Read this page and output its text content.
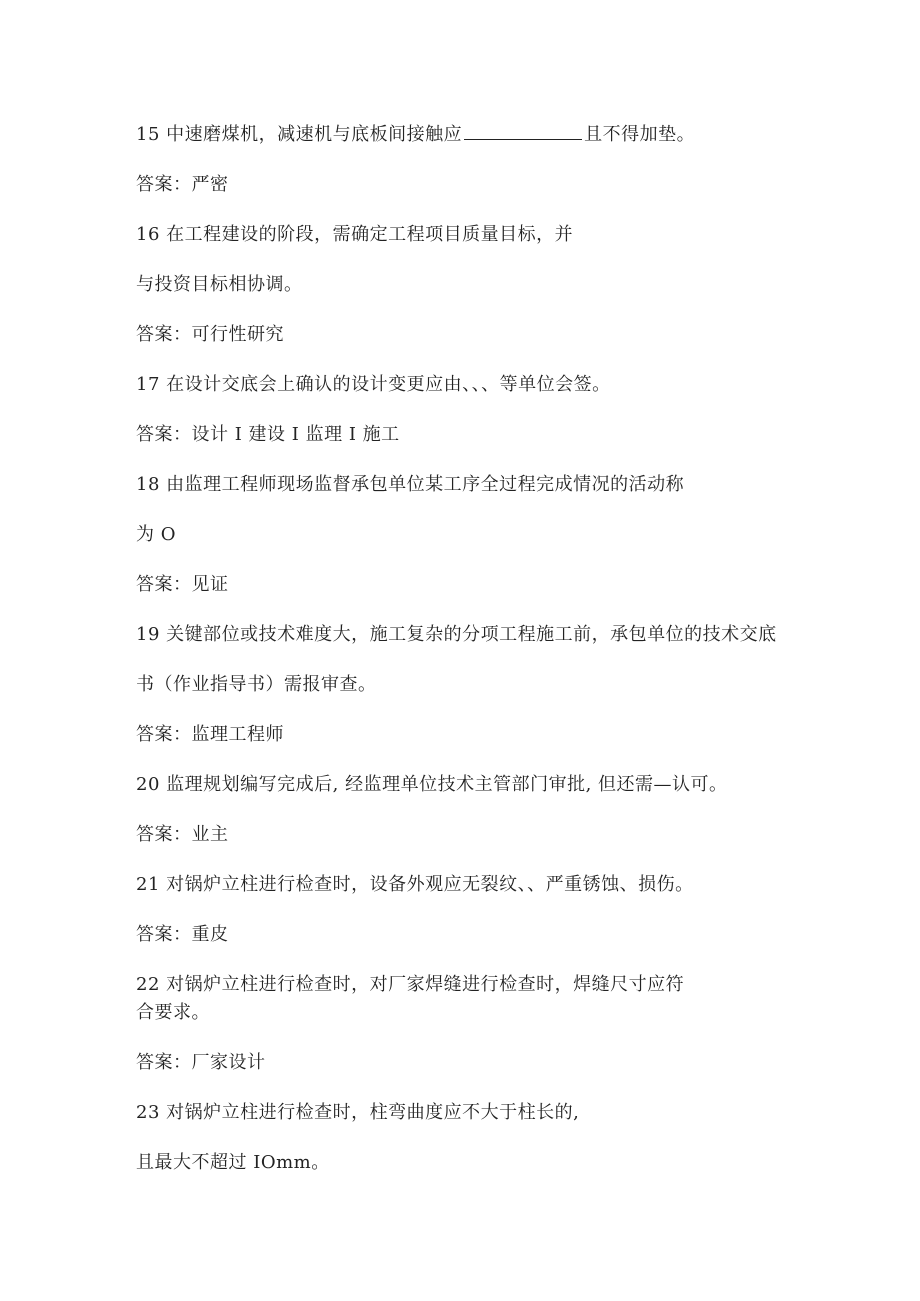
15 中速磨煤机，减速机与底板间接触应	且不得加垫。
答案：严密
16 在工程建设的阶段，需确定工程项目质量目标，并
与投资目标相协调。
答案：可行性研究
17 在设计交底会上确认的设计变更应由、、、等单位会签。
答案：设计 I 建设 I 监理 I 施工
18 由监理工程师现场监督承包单位某工序全过程完成情况的活动称
为 O
答案：见证
19 关键部位或技术难度大，施工复杂的分项工程施工前，承包单位的技术交底
书（作业指导书）需报审查。
答案：监理工程师
20 监理规划编写完成后, 经监理单位技术主管部门审批, 但还需—认可。
答案：业主
21 对锅炉立柱进行检查时，设备外观应无裂纹、、严重锈蚀、损伤。
答案：重皮
22 对锅炉立柱进行检查时，对厂家焊缝进行检查时，焊缝尺寸应符
合要求。
答案：厂家设计
23 对锅炉立柱进行检查时，柱弯曲度应不大于柱长的,
且最大不超过 IOmm。
